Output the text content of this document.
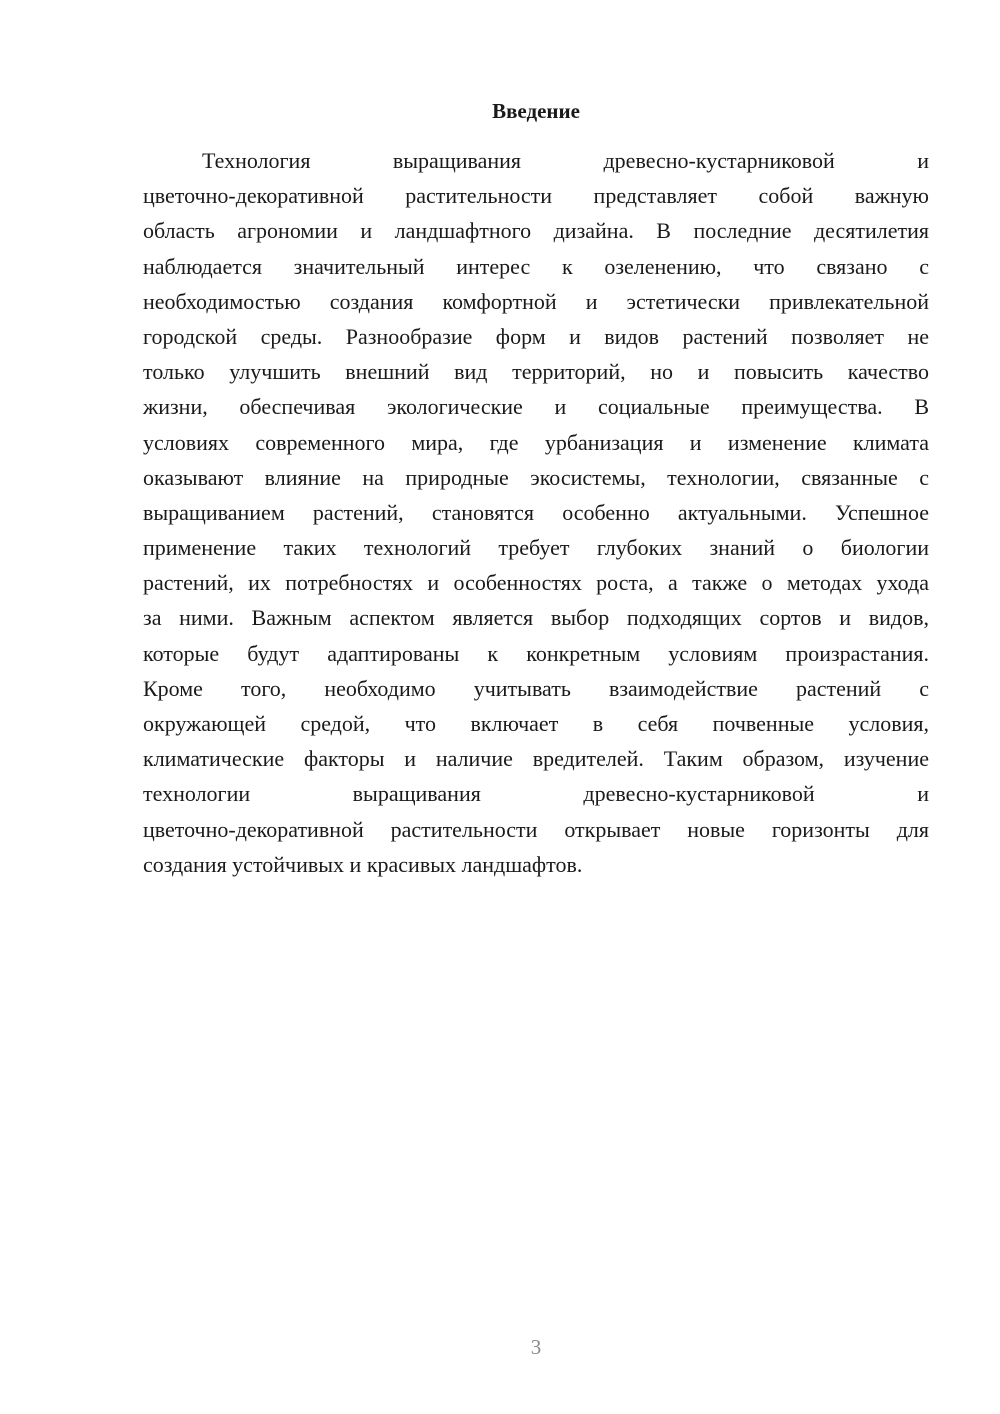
Введение
Технология выращивания древесно-кустарниковой и
цветочно-декоративной растительности представляет собой важную
область агрономии и ландшафтного дизайна. В последние десятилетия
наблюдается значительный интерес к озеленению, что связано с
необходимостью создания комфортной и эстетически привлекательной
городской среды. Разнообразие форм и видов растений позволяет не
только улучшить внешний вид территорий, но и повысить качество
жизни, обеспечивая экологические и социальные преимущества. В
условиях современного мира, где урбанизация и изменение климата
оказывают влияние на природные экосистемы, технологии, связанные с
выращиванием растений, становятся особенно актуальными. Успешное
применение таких технологий требует глубоких знаний о биологии
растений, их потребностях и особенностях роста, а также о методах ухода
за ними. Важным аспектом является выбор подходящих сортов и видов,
которые будут адаптированы к конкретным условиям произрастания.
Кроме того, необходимо учитывать взаимодействие растений с
окружающей средой, что включает в себя почвенные условия,
климатические факторы и наличие вредителей. Таким образом, изучение
технологии выращивания древесно-кустарниковой и
цветочно-декоративной растительности открывает новые горизонты для
создания устойчивых и красивых ландшафтов.
3
